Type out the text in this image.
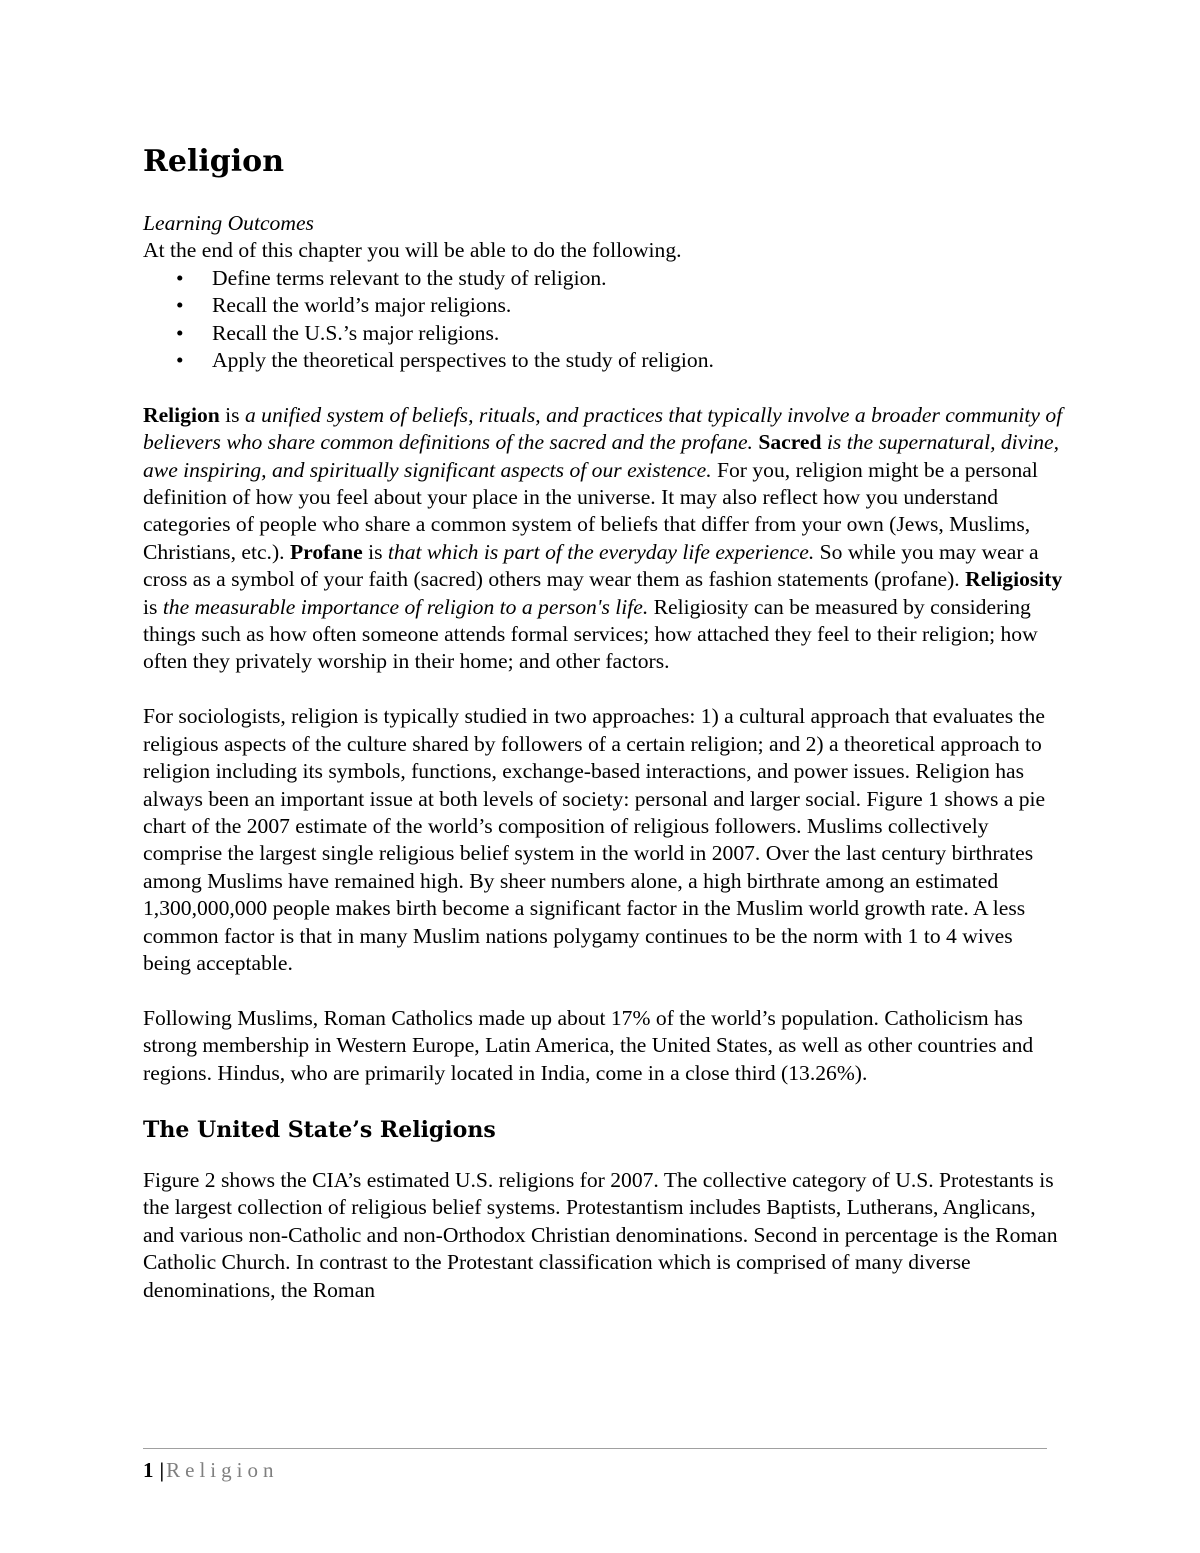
Religion

Learning Outcomes

At the end of this chapter you will be able to do the following.

• Define terms relevant to the study of religion.
• Recall the world’s major religions.
• Recall the U.S.’s major religions.
• Apply the theoretical perspectives to the study of religion.

Religion is a unified system of beliefs, rituals, and practices that typically involve a broader community of believers who share common definitions of the sacred and the profane. Sacred is the supernatural, divine, awe inspiring, and spiritually significant aspects of our existence. For you, religion might be a personal definition of how you feel about your place in the universe. It may also reflect how you understand categories of people who share a common system of beliefs that differ from your own (Jews, Muslims, Christians, etc.). Profane is that which is part of the everyday life experience. So while you may wear a cross as a symbol of your faith (sacred) others may wear them as fashion statements (profane). Religiosity is the measurable importance of religion to a person's life. Religiosity can be measured by considering things such as how often someone attends formal services; how attached they feel to their religion; how often they privately worship in their home; and other factors.

For sociologists, religion is typically studied in two approaches: 1) a cultural approach that evaluates the religious aspects of the culture shared by followers of a certain religion; and 2) a theoretical approach to religion including its symbols, functions, exchange-based interactions, and power issues. Religion has always been an important issue at both levels of society: personal and larger social. Figure 1 shows a pie chart of the 2007 estimate of the world’s composition of religious followers. Muslims collectively comprise the largest single religious belief system in the world in 2007. Over the last century birthrates among Muslims have remained high. By sheer numbers alone, a high birthrate among an estimated 1,300,000,000 people makes birth become a significant factor in the Muslim world growth rate. A less common factor is that in many Muslim nations polygamy continues to be the norm with 1 to 4 wives being acceptable.

Following Muslims, Roman Catholics made up about 17% of the world’s population. Catholicism has strong membership in Western Europe, Latin America, the United States, as well as other countries and regions. Hindus, who are primarily located in India, come in a close third (13.26%).

The United State’s Religions

Figure 2 shows the CIA’s estimated U.S. religions for 2007. The collective category of U.S. Protestants is the largest collection of religious belief systems. Protestantism includes Baptists, Lutherans, Anglicans, and various non-Catholic and non-Orthodox Christian denominations. Second in percentage is the Roman Catholic Church. In contrast to the Protestant classification which is comprised of many diverse denominations, the Roman

1 |Religion
